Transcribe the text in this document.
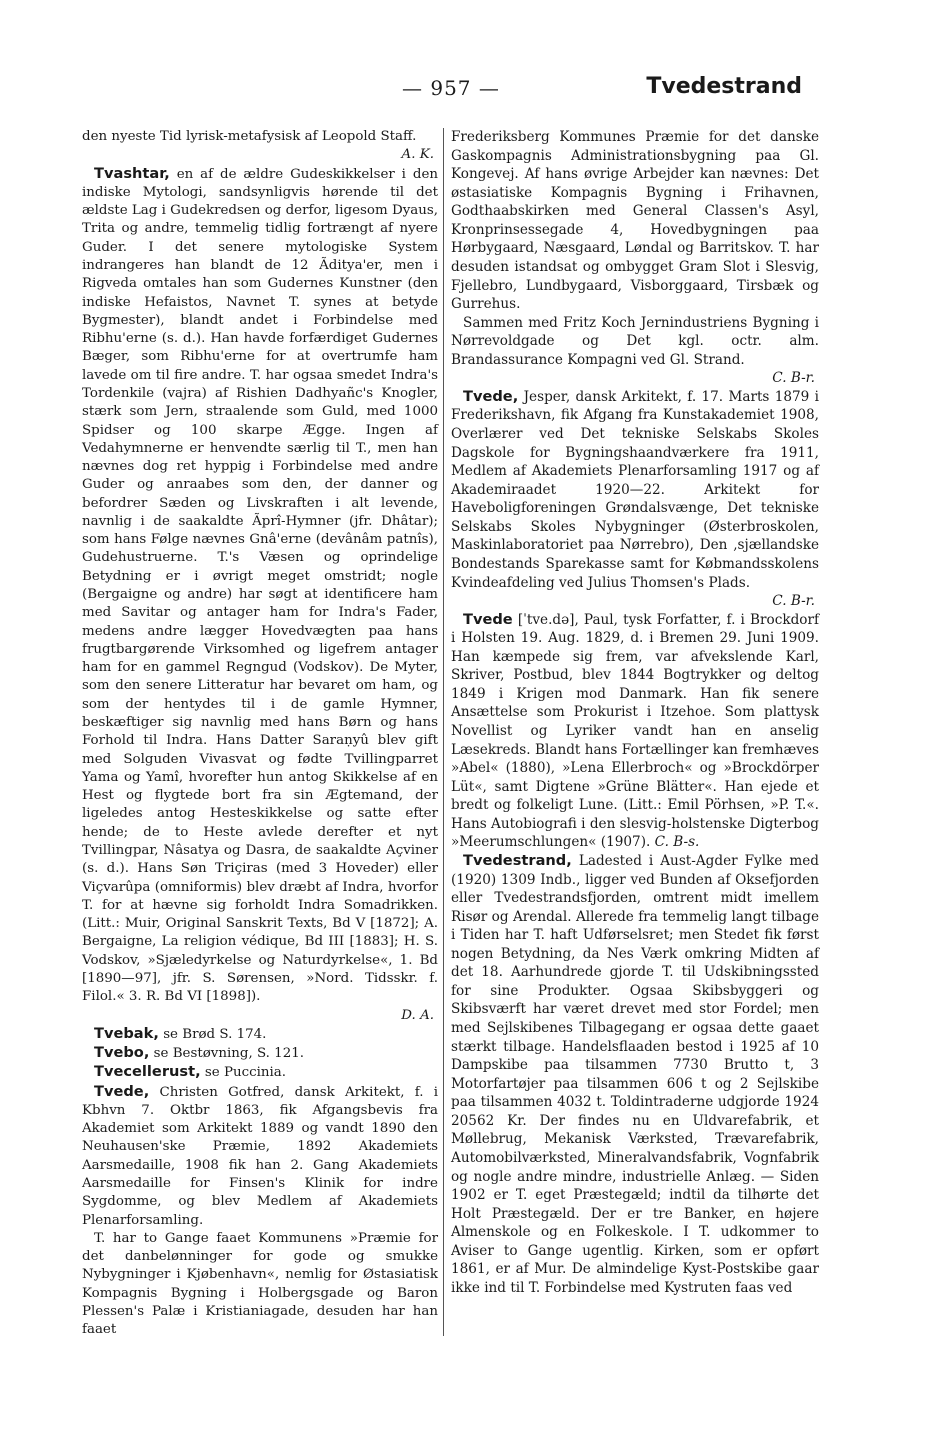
— 957 —	Tvedestrand

den nyeste Tid lyrisk-metafysisk af Leopold Staff.
A. K.

Tvashtar, en af de ældre Gudeskikkelser i den indiske Mytologi, sandsynligvis hørende til det ældste Lag i Gudekredsen og derfor, ligesom Dyaus, Trita og andre, temmelig tidlig fortrængt af nyere Guder. I det senere mytologiske System indrangeres han blandt de 12 Ãditya'er, men i Rigveda omtales han som Gudernes Kunstner (den indiske Hefaistos, Navnet T. synes at betyde Bygmester), blandt andet i Forbindelse med Ribhu'erne (s. d.). Han havde forfærdiget Gudernes Bæger, som Ribhu'erne for at overtrumfe ham lavede om til fire andre. T. har ogsaa smedet Indra's Tordenkile (vajra) af Rishien Dadhyañc's Knogler, stærk som Jern, straalende som Guld, med 1000 Spidser og 100 skarpe Ægge. Ingen af Vedahymnerne er henvendte særlig til T., men han nævnes dog ret hyppig i Forbindelse med andre Guder og anraabes som den, der danner og befordrer Sæden og Livskraften i alt levende, navnlig i de saakaldte Ãprî-Hymner (jfr. Dhâtar); som hans Følge nævnes Gnâ'erne (devânâm patnîs), Gudehustruerne. T.'s Væsen og oprindelige Betydning er i øvrigt meget omstridt; nogle (Bergaigne og andre) har søgt at identificere ham med Savitar og antager ham for Indra's Fader, medens andre lægger Hovedvægten paa hans frugtbargørende Virksomhed og ligefrem antager ham for en gammel Regngud (Vodskov). De Myter, som den senere Litteratur har bevaret om ham, og som der hentydes til i de gamle Hymner, beskæftiger sig navnlig med hans Børn og hans Forhold til Indra. Hans Datter Saraṇyû blev gift med Solguden Vivasvat og fødte Tvillingparret Yama og Yamî, hvorefter hun antog Skikkelse af en Hest og flygtede bort fra sin Ægtemand, der ligeledes antog Hesteskikkelse og satte efter hende; de to Heste avlede derefter et nyt Tvillingpar, Nâsatya og Dasra, de saakaldte Açviner (s. d.). Hans Søn Triçiras (med 3 Hoveder) eller Viçvarûpa (omniformis) blev dræbt af Indra, hvorfor T. for at hævne sig forholdt Indra Somadrikken. (Litt.: Muir, Original Sanskrit Texts, Bd V [1872]; A. Bergaigne, La religion védique, Bd III [1883]; H. S. Vodskov, »Sjæledyrkelse og Naturdyrkelse«, 1. Bd [1890—97], jfr. S. Sørensen, »Nord. Tidsskr. f. Filol.« 3. R. Bd VI [1898]).
D. A.

Tvebak, se Brød S. 174.

Tvebo, se Bestøvning, S. 121.

Tvecellerust, se Puccinia.

Tvede, Christen Gotfred, dansk Arkitekt, f. i Kbhvn 7. Oktbr 1863, fik Afgangsbevis fra Akademiet som Arkitekt 1889 og vandt 1890 den Neuhausen'ske Præmie, 1892 Akademiets Aarsmedaille, 1908 fik han 2. Gang Akademiets Aarsmedaille for Finsen's Klinik for indre Sygdomme, og blev Medlem af Akademiets Plenarforsamling.

T. har to Gange faaet Kommunens »Præmie for det danbelønninger for gode og smukke Nybygninger i Kjøbenhavn«, nemlig for Østasiatisk Kompagnis Bygning i Holbergsgade og Baron Plessen's Palæ i Kristianiagade, desuden har han faaet

Frederiksberg Kommunes Præmie for det danske Gaskompagnis Administrationsbygning paa Gl. Kongevej. Af hans øvrige Arbejder kan nævnes: Det østasiatiske Kompagnis Bygning i Frihavnen, Godthaabskirken med General Classen's Asyl, Kronprinsessegade 4, Hovedbygningen paa Hørbygaard, Næsgaard, Løndal og Barritskov. T. har desuden istandsat og ombygget Gram Slot i Slesvig, Fjellebro, Lundbygaard, Visborggaard, Tirsbæk og Gurrehus.

Sammen med Fritz Koch Jernindustriens Bygning i Nørrevoldgade og Det kgl. octr. alm. Brandassurance Kompagni ved Gl. Strand.
C. B-r.

Tvede, Jesper, dansk Arkitekt, f. 17. Marts 1879 i Frederikshavn, fik Afgang fra Kunstakademiet 1908, Overlærer ved Det tekniske Selskabs Skoles Dagskole for Bygningshaandværkere fra 1911, Medlem af Akademiets Plenarforsamling 1917 og af Akademiraadet 1920—22. Arkitekt for Haveboligforeningen Grøndalsvænge, Det tekniske Selskabs Skoles Nybygninger (Østerbroskolen, Maskinlaboratoriet paa Nørrebro), Den ,sjællandske Bondestands Sparekasse samt for Købmandsskolens Kvindeafdeling ved Julius Thomsen's Plads.
C. B-r.

Tvede [ˈtve.də], Paul, tysk Forfatter, f. i Brockdorf i Holsten 19. Aug. 1829, d. i Bremen 29. Juni 1909. Han kæmpede sig frem, var afvekslende Karl, Skriver, Postbud, blev 1844 Bogtrykker og deltog 1849 i Krigen mod Danmark. Han fik senere Ansættelse som Prokurist i Itzehoe. Som plattysk Novellist og Lyriker vandt han en anselig Læsekreds. Blandt hans Fortællinger kan fremhæves »Abel« (1880), »Lena Ellerbroch« og »Brockdörper Lüt«, samt Digtene »Grüne Blätter«. Han ejede et bredt og folkeligt Lune. (Litt.: Emil Pörhsen, »P. T.«. Hans Autobiografi i den slesvig-holstenske Digterbog »Meerumschlungen« (1907). C. B-s.

Tvedestrand, Ladested i Aust-Agder Fylke med (1920) 1309 Indb., ligger ved Bunden af Oksefjorden eller Tvedestrandsfjorden, omtrent midt imellem Risør og Arendal. Allerede fra temmelig langt tilbage i Tiden har T. haft Udførselsret; men Stedet fik først nogen Betydning, da Nes Værk omkring Midten af det 18. Aarhundrede gjorde T. til Udskibningssted for sine Produkter. Ogsaa Skibsbyggeri og Skibsværft har været drevet med stor Fordel; men med Sejlskibenes Tilbagegang er ogsaa dette gaaet stærkt tilbage. Handelsflaaden bestod i 1925 af 10 Dampskibe paa tilsammen 7730 Brutto t, 3 Motorfartøjer paa tilsammen 606 t og 2 Sejlskibe paa tilsammen 4032 t. Toldintraderne udgjorde 1924 20562 Kr. Der findes nu en Uldvarefabrik, et Møllebrug, Mekanisk Værksted, Trævarefabrik, Automobilværksted, Mineralvandsfabrik, Vognfabrik og nogle andre mindre, industrielle Anlæg. — Siden 1902 er T. eget Præstegæld; indtil da tilhørte det Holt Præstegæld. Der er tre Banker, en højere Almenskole og en Folkeskole. I T. udkommer to Aviser to Gange ugentlig. Kirken, som er opført 1861, er af Mur. De almindelige Kyst-Postskibe gaar ikke ind til T. Forbindelse med Kystruten faas ved
